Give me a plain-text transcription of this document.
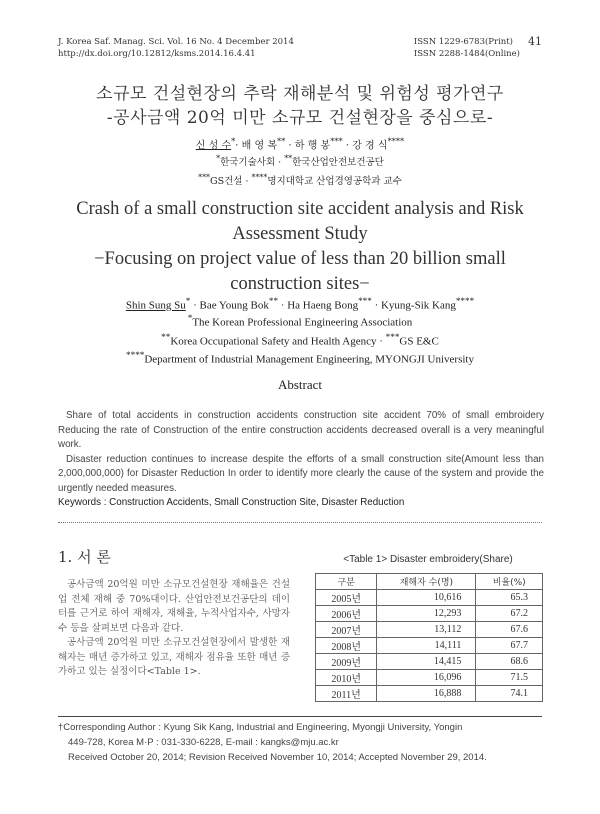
J. Korea Saf. Manag. Sci. Vol. 16 No. 4 December 2014
http://dx.doi.org/10.12812/ksms.2014.16.4.41
ISSN 1229-6783(Print)
ISSN 2288-1484(Online)
41
소규모 건설현장의 추락 재해분석 및 위험성 평가연구
-공사금액 20억 미만 소규모 건설현장을 중심으로-
신 성 수*· 배 영 복** · 하 행 봉*** · 강 경 식****
*한국기술사회 · **한국산업안전보건공단
***GS건설 · ****명지대학교 산업경영공학과 교수
Crash of a small construction site accident analysis and Risk
Assessment Study
−Focusing on project value of less than 20 billion small
construction sites−
Shin Sung Su* · Bae Young Bok** · Ha Haeng Bong*** · Kyung-Sik Kang****
*The Korean Professional Engineering Association
**Korea Occupational Safety and Health Agency · ***GS E&C
****Department of Industrial Management Engineering, MYONGJI University
Abstract

Share of total accidents in construction accidents construction site accident 70% of small embroidery Reducing the rate of Construction of the entire construction accidents decreased overall is a very meaningful work.

Disaster reduction continues to increase despite the efforts of a small construction site(Amount less than 2,000,000,000) for Disaster Reduction In order to identify more clearly the cause of the system and provide the urgently needed measures.

Keywords : Construction Accidents, Small Construction Site, Disaster Reduction
1. 서 론

공사금액 20억원 미만 소규모건설현장 재해율은 건설업 전체 재해 중 70%대이다. 산업안전보건공단의 데이터를 근거로 하여 재해자, 재해율, 누적사업자수, 사망자수 등을 살펴보면 다음과 같다.

공사금액 20억원 미만 소규모건설현장에서 발생한 재해자는 매년 증가하고 있고, 재해자 점유율 또한 매년 증가하고 있는 실정이다<Table 1>.

<Table 1> Disaster embroidery(Share)
구분	재해자 수(명)	비율(%)
2005년	10,616	65.3
2006년	12,293	67.2
2007년	13,112	67.6
2008년	14,111	67.7
2009년	14,415	68.6
2010년	16,096	71.5
2011년	16,888	74.1

†Corresponding Author : Kyung Sik Kang, Industrial and Engineering, Myongji University, Yongin

449-728, Korea M·P : 031-330-6228, E-mail : kangks@mju.ac.kr

Received October 20, 2014; Revision Received November 10, 2014; Accepted November 29, 2014.
